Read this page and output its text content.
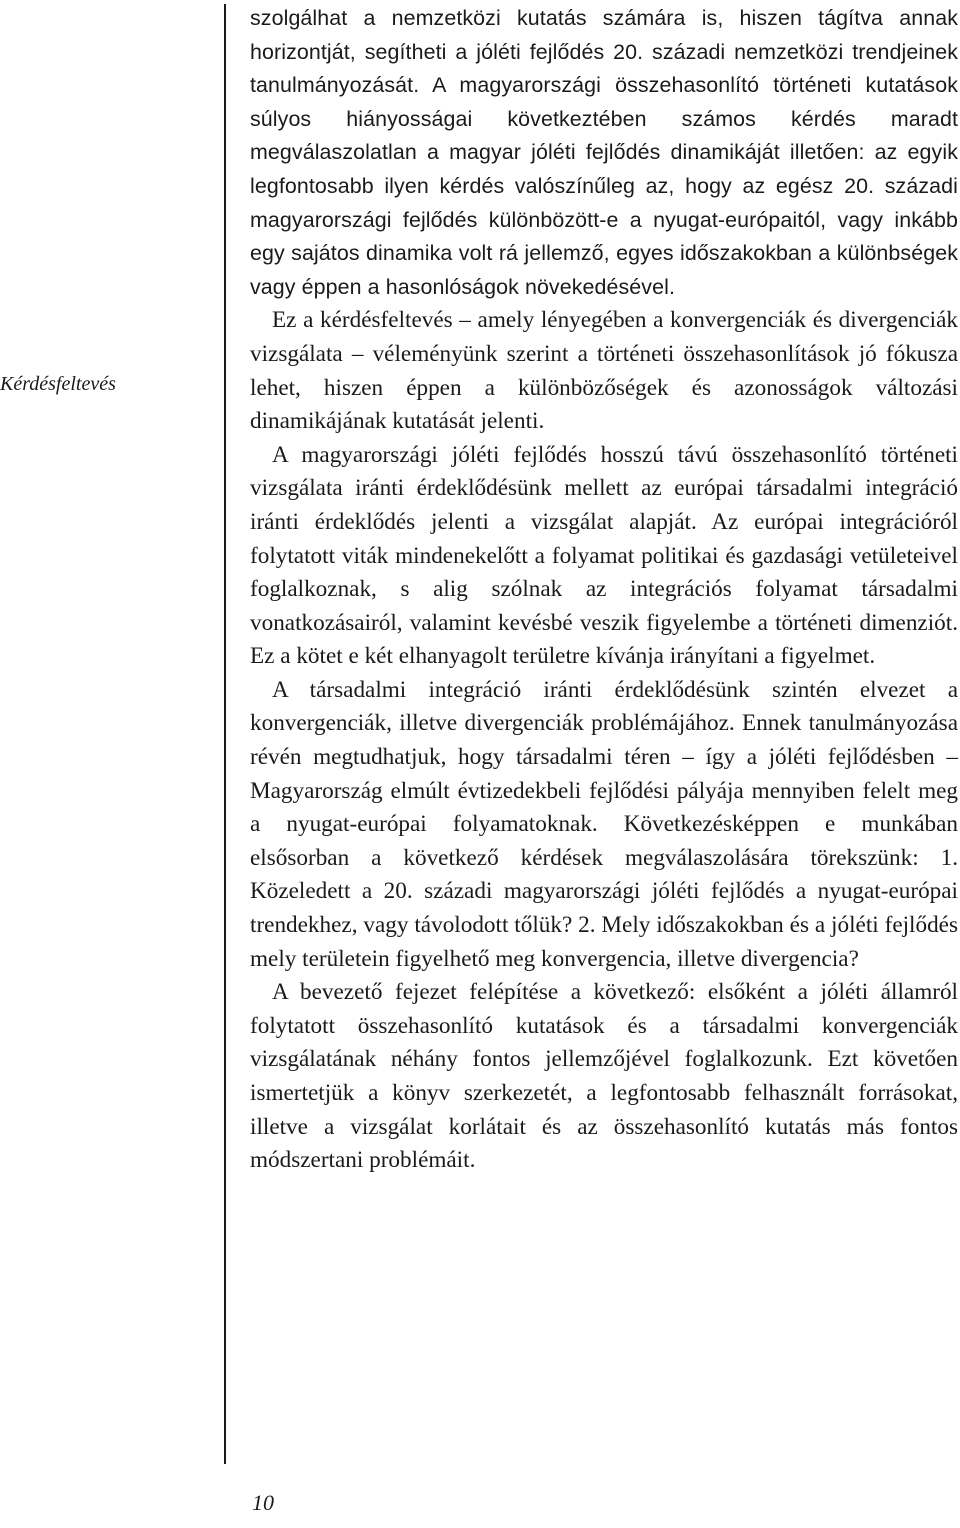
Kérdésfeltevés

szolgálhat a nemzetközi kutatás számára is, hiszen tágítva annak horizontját, segítheti a jóléti fejlődés 20. századi nemzetközi trendjeinek tanulmányozását. A magyarországi összehasonlító történeti kutatások súlyos hiányosságai következtében számos kérdés maradt megválaszolatlan a magyar jóléti fejlődés dinamikáját illetően: az egyik legfontosabb ilyen kérdés valószínűleg az, hogy az egész 20. századi magyarországi fejlődés különbözött-e a nyugat-európaitól, vagy inkább egy sajátos dinamika volt rá jellemző, egyes időszakokban a különbségek vagy éppen a hasonlóságok növekedésével.

Ez a kérdésfeltevés – amely lényegében a konvergenciák és divergenciák vizsgálata – véleményünk szerint a történeti összehasonlítások jó fókusza lehet, hiszen éppen a különbözőségek és azonosságok változási dinamikájának kutatását jelenti.

A magyarországi jóléti fejlődés hosszú távú összehasonlító történeti vizsgálata iránti érdeklődésünk mellett az európai társadalmi integráció iránti érdeklődés jelenti a vizsgálat alapját. Az európai integrációról folytatott viták mindenekelőtt a folyamat politikai és gazdasági vetületeivel foglalkoznak, s alig szólnak az integrációs folyamat társadalmi vonatkozásairól, valamint kevésbé veszik figyelembe a történeti dimenziót. Ez a kötet e két elhanyagolt területre kívánja irányítani a figyelmet.

A társadalmi integráció iránti érdeklődésünk szintén elvezet a konvergenciák, illetve divergenciák problémájához. Ennek tanulmányozása révén megtudhatjuk, hogy társadalmi téren – így a jóléti fejlődésben – Magyarország elmúlt évtizedekbeli fejlődési pályája mennyiben felelt meg a nyugat-európai folyamatoknak. Következésképpen e munkában elsősorban a következő kérdések megválaszolására törekszünk: 1. Közeledett a 20. századi magyarországi jóléti fejlődés a nyugat-európai trendekhez, vagy távolodott tőlük? 2. Mely időszakokban és a jóléti fejlődés mely területein figyelhető meg konvergencia, illetve divergencia?

A bevezető fejezet felépítése a következő: elsőként a jóléti államról folytatott összehasonlító kutatások és a társadalmi konvergenciák vizsgálatának néhány fontos jellemzőjével foglalkozunk. Ezt követően ismertetjük a könyv szerkezetét, a legfontosabb felhasznált forrásokat, illetve a vizsgálat korlátait és az összehasonlító kutatás más fontos módszertani problémáit.

10
